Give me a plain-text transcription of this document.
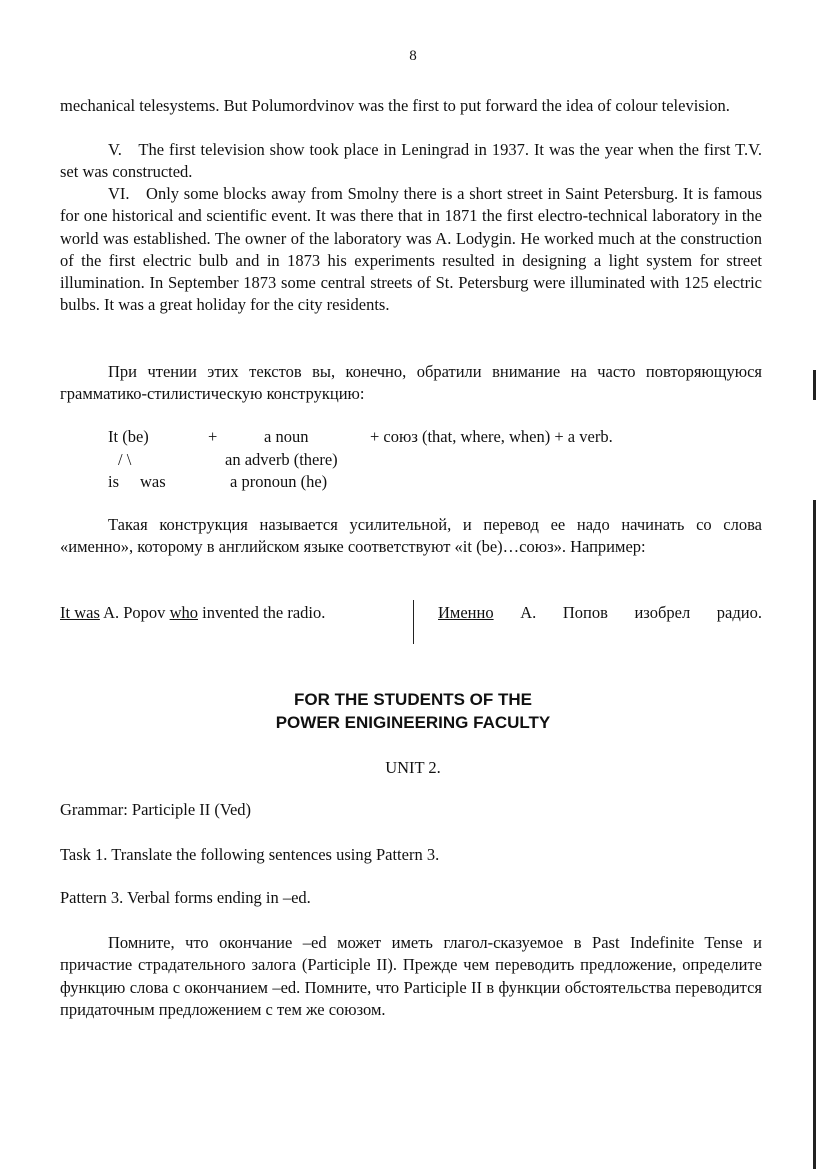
8

mechanical telesystems. But Polumordvinov was the first to put forward the idea of colour television.

V. The first television show took place in Leningrad in 1937. It was the year when the first T.V. set was constructed.

VI. Only some blocks away from Smolny there is a short street in Saint Petersburg. It is famous for one historical and scientific event. It was there that in 1871 the first electro-technical laboratory in the world was established. The owner of the laboratory was A. Lodygin. He worked much at the construction of the first electric bulb and in 1873 his experiments resulted in designing a light system for street illumination. In September 1873 some central streets of St. Petersburg were illuminated with 125 electric bulbs. It was a great holiday for the city residents.

При чтении этих текстов вы, конечно, обратили внимание на часто повторяющуюся грамматико-стилистическую конструкцию:

It (be)	+	a noun	+ союз (that, where, when) + a verb.
/ \	an adverb (there)
is was	a pronoun (he)

Такая конструкция называется усилительной, и перевод ее надо начинать со слова «именно», которому в английском языке соответствуют «it (be)…союз». Например:

It was A. Popov who invented the radio.	Именно А. Попов изобрел радио.
FOR THE STUDENTS OF THE
POWER ENIGINEERING FACULTY
UNIT 2.
Grammar: Participle II (Ved)
Task 1. Translate the following sentences using Pattern 3.
Pattern 3. Verbal forms ending in –ed.

Помните, что окончание –ed может иметь глагол-сказуемое в Past Indefinite Tense и причастие страдательного залога (Participle II). Прежде чем переводить предложение, определите функцию слова с окончанием –ed. Помните, что Participle II в функции обстоятельства переводится придаточным предложением с тем же союзом.
